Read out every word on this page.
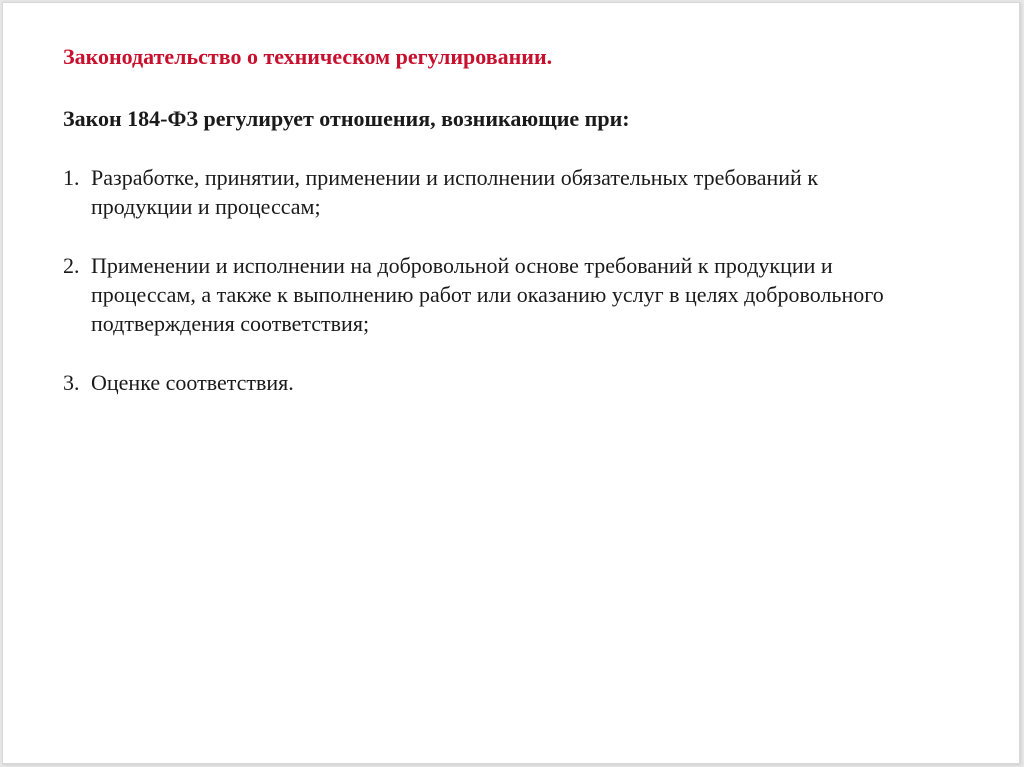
Законодательство о техническом регулировании.

Закон 184-ФЗ регулирует отношения, возникающие при:

1. Разработке, принятии, применении и исполнении обязательных требований к продукции и процессам;
2. Применении и исполнении на добровольной основе требований к продукции и процессам, а также к выполнению работ или оказанию услуг в целях добровольного подтверждения соответствия;
3. Оценке соответствия.
